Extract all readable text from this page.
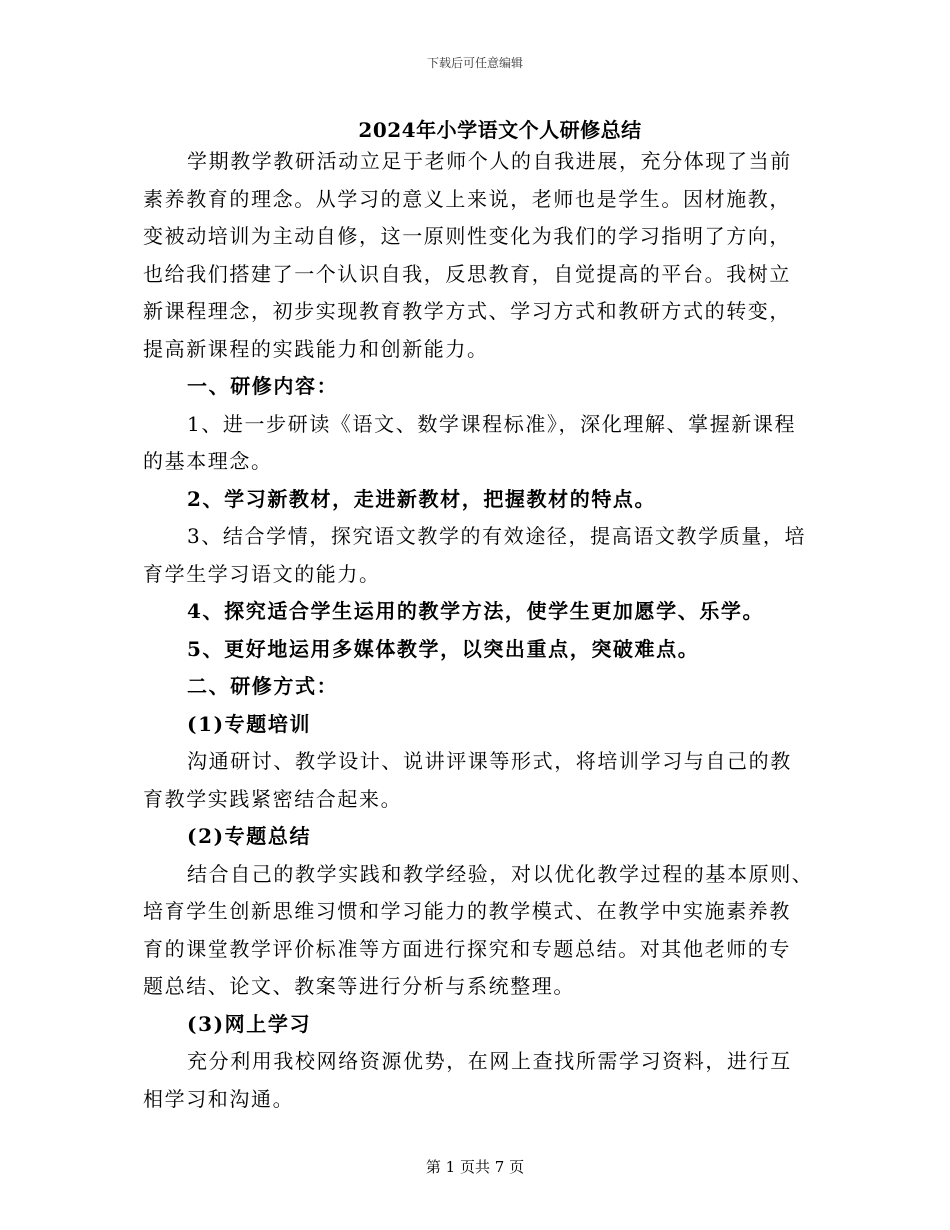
下载后可任意编辑
2024年小学语文个人研修总结
学期教学教研活动立足于老师个人的自我进展，充分体现了当前
素养教育的理念。从学习的意义上来说，老师也是学生。因材施教，
变被动培训为主动自修，这一原则性变化为我们的学习指明了方向，
也给我们搭建了一个认识自我，反思教育，自觉提高的平台。我树立
新课程理念，初步实现教育教学方式、学习方式和教研方式的转变，
提高新课程的实践能力和创新能力。
一、研修内容：
1、进一步研读《语文、数学课程标准》，深化理解、掌握新课程
的基本理念。
2、学习新教材，走进新教材，把握教材的特点。
3、结合学情，探究语文教学的有效途径，提高语文教学质量，培
育学生学习语文的能力。
4、探究适合学生运用的教学方法，使学生更加愿学、乐学。
5、更好地运用多媒体教学，以突出重点，突破难点。
二、研修方式：
(1)专题培训
沟通研讨、教学设计、说讲评课等形式，将培训学习与自己的教
育教学实践紧密结合起来。
(2)专题总结
结合自己的教学实践和教学经验，对以优化教学过程的基本原则、
培育学生创新思维习惯和学习能力的教学模式、在教学中实施素养教
育的课堂教学评价标准等方面进行探究和专题总结。对其他老师的专
题总结、论文、教案等进行分析与系统整理。
(3)网上学习
充分利用我校网络资源优势，在网上查找所需学习资料，进行互
相学习和沟通。
第 1 页共 7 页
